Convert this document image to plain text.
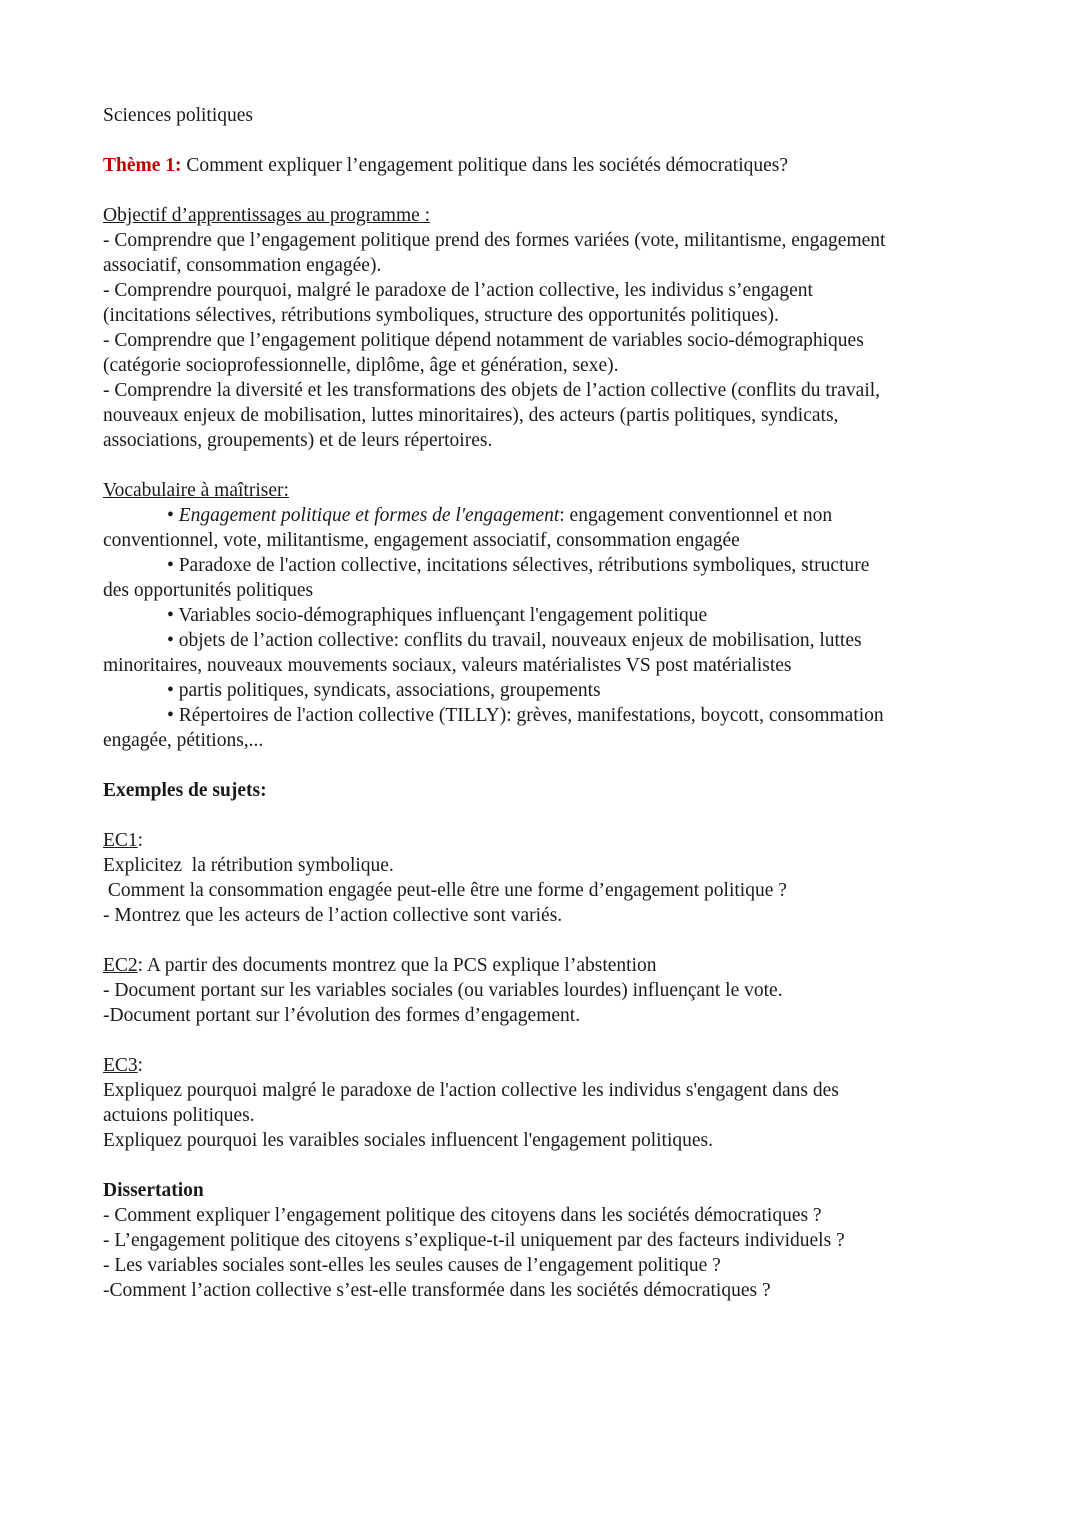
Sciences politiques

Thème 1: Comment expliquer l’engagement politique dans les sociétés démocratiques?

Objectif d’apprentissages au programme :

- Comprendre que l’engagement politique prend des formes variées (vote, militantisme, engagement

associatif, consommation engagée).

- Comprendre pourquoi, malgré le paradoxe de l’action collective, les individus s’engagent

(incitations sélectives, rétributions symboliques, structure des opportunités politiques).

- Comprendre que l’engagement politique dépend notamment de variables socio-démographiques

(catégorie socioprofessionnelle, diplôme, âge et génération, sexe).

- Comprendre la diversité et les transformations des objets de l’action collective (conflits du travail,

nouveaux enjeux de mobilisation, luttes minoritaires), des acteurs (partis politiques, syndicats,

associations, groupements) et de leurs répertoires.

Vocabulaire à maîtriser:

• Engagement politique et formes de l'engagement: engagement conventionnel et non

conventionnel, vote, militantisme, engagement associatif, consommation engagée

• Paradoxe de l'action collective, incitations sélectives, rétributions symboliques, structure

des opportunités politiques

• Variables socio-démographiques influençant l'engagement politique

• objets de l’action collective: conflits du travail, nouveaux enjeux de mobilisation, luttes

minoritaires, nouveaux mouvements sociaux, valeurs matérialistes VS post matérialistes

• partis politiques, syndicats, associations, groupements

• Répertoires de l'action collective (TILLY): grèves, manifestations, boycott, consommation

engagée, pétitions,...

Exemples de sujets:

EC1:

Explicitez  la rétribution symbolique.

Comment la consommation engagée peut-elle être une forme d’engagement politique ?

- Montrez que les acteurs de l’action collective sont variés.

EC2: A partir des documents montrez que la PCS explique l’abstention

- Document portant sur les variables sociales (ou variables lourdes) influençant le vote.

-Document portant sur l’évolution des formes d’engagement.

EC3:

Expliquez pourquoi malgré le paradoxe de l'action collective les individus s'engagent dans des

actuions politiques.

Expliquez pourquoi les varaibles sociales influencent l'engagement politiques.

Dissertation

- Comment expliquer l’engagement politique des citoyens dans les sociétés démocratiques ?

- L’engagement politique des citoyens s’explique-t-il uniquement par des facteurs individuels ?

- Les variables sociales sont-elles les seules causes de l’engagement politique ?

-Comment l’action collective s’est-elle transformée dans les sociétés démocratiques ?
